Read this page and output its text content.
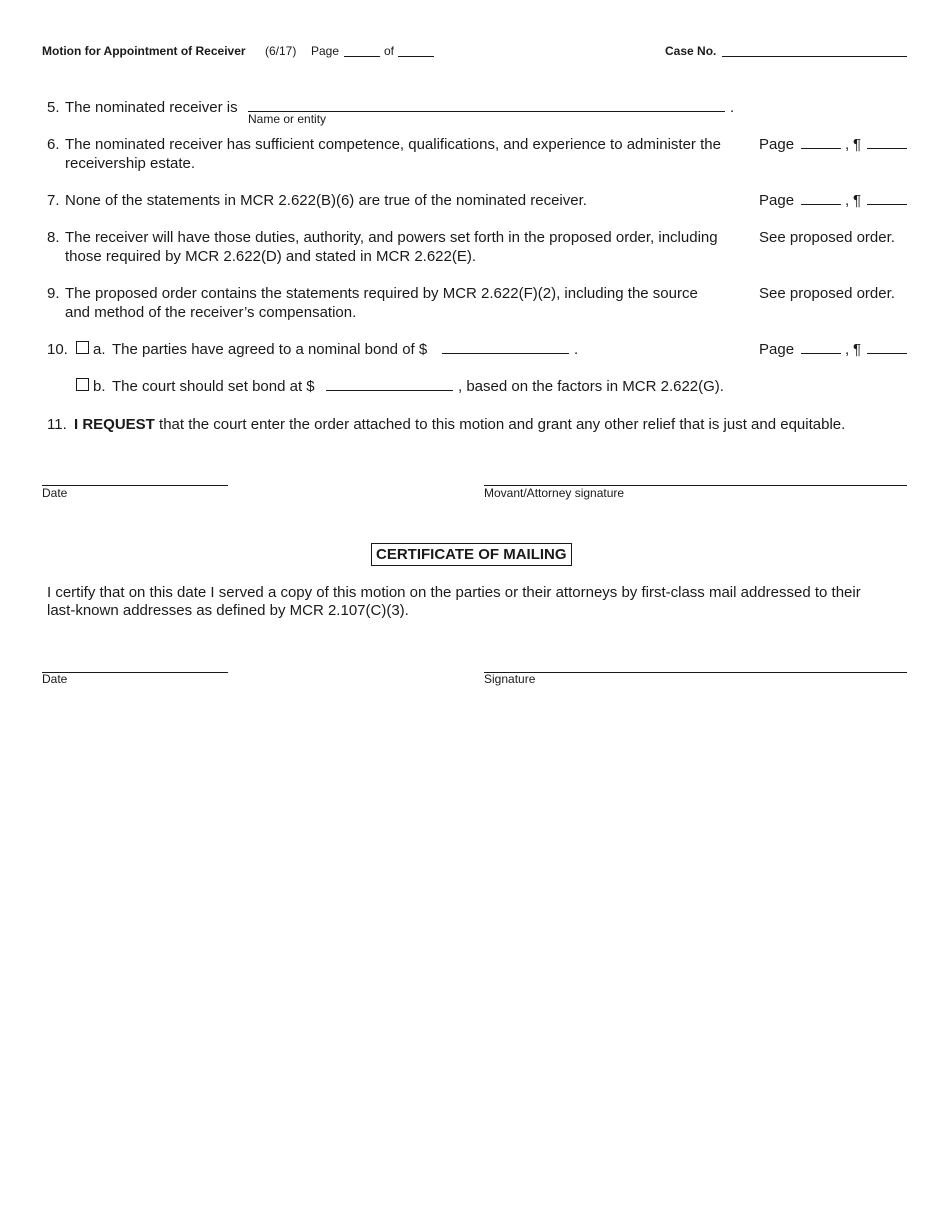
Motion for Appointment of Receiver (6/17) Page	of	Case No.
5. The nominated receiver is	.
Name or entity
6. The nominated receiver has sufficient competence, qualifications, and experience to administer the
receivership estate.
Page	, ¶
7. None of the statements in MCR 2.622(B)(6) are true of the nominated receiver.	Page	, ¶
8. The receiver will have those duties, authority, and powers set forth in the proposed order, including
those required by MCR 2.622(D) and stated in MCR 2.622(E).
See proposed order.
9. The proposed order contains the statements required by MCR 2.622(F)(2), including the source
and method of the receiver’s compensation.
See proposed order.
10. a. The parties have agreed to a nominal bond of $	.	Page	, ¶
b. The court should set bond at $	, based on the factors in MCR 2.622(G).
11. I REQUEST that the court enter the order attached to this motion and grant any other relief that is just and equitable.
Date	Movant/Attorney signature
CERTIFICATE OF MAILING
I certify that on this date I served a copy of this motion on the parties or their attorneys by first-class mail addressed to their
last-known addresses as defined by MCR 2.107(C)(3).
Date	Signature
